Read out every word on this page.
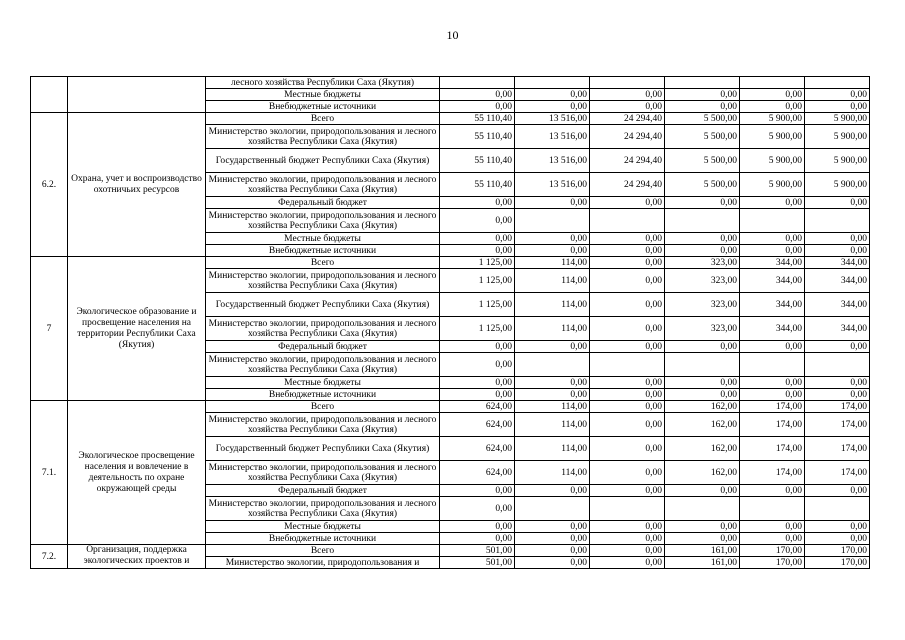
10
		лесного хозяйства Республики Саха (Якутия)						
		Местные бюджеты	0,00	0,00	0,00	0,00	0,00	0,00
		Внебюджетные источники	0,00	0,00	0,00	0,00	0,00	0,00
6.2.	Охрана, учет и воспроизводство охотничьих ресурсов	Всего	55 110,40	13 516,00	24 294,40	5 500,00	5 900,00	5 900,00
		Министерство экологии, природопользования и лесного хозяйства Республики Саха (Якутия)	55 110,40	13 516,00	24 294,40	5 500,00	5 900,00	5 900,00
		Государственный бюджет Республики Саха (Якутия)	55 110,40	13 516,00	24 294,40	5 500,00	5 900,00	5 900,00
		Министерство экологии, природопользования и лесного хозяйства Республики Саха (Якутия)	55 110,40	13 516,00	24 294,40	5 500,00	5 900,00	5 900,00
		Федеральный бюджет	0,00	0,00	0,00	0,00	0,00	0,00
		Министерство экологии, природопользования и лесного хозяйства Республики Саха (Якутия)	0,00					
		Местные бюджеты	0,00	0,00	0,00	0,00	0,00	0,00
		Внебюджетные источники	0,00	0,00	0,00	0,00	0,00	0,00
7	Экологическое образование и просвещение населения на территории Республики Саха (Якутия)	Всего	1 125,00	114,00	0,00	323,00	344,00	344,00
		Министерство экологии, природопользования и лесного хозяйства Республики Саха (Якутия)	1 125,00	114,00	0,00	323,00	344,00	344,00
		Государственный бюджет Республики Саха (Якутия)	1 125,00	114,00	0,00	323,00	344,00	344,00
		Министерство экологии, природопользования и лесного хозяйства Республики Саха (Якутия)	1 125,00	114,00	0,00	323,00	344,00	344,00
		Федеральный бюджет	0,00	0,00	0,00	0,00	0,00	0,00
		Министерство экологии, природопользования и лесного хозяйства Республики Саха (Якутия)	0,00					
		Местные бюджеты	0,00	0,00	0,00	0,00	0,00	0,00
		Внебюджетные источники	0,00	0,00	0,00	0,00	0,00	0,00
7.1.	Экологическое просвещение населения и вовлечение в деятельность по охране окружающей среды	Всего	624,00	114,00	0,00	162,00	174,00	174,00
		Министерство экологии, природопользования и лесного хозяйства Республики Саха (Якутия)	624,00	114,00	0,00	162,00	174,00	174,00
		Государственный бюджет Республики Саха (Якутия)	624,00	114,00	0,00	162,00	174,00	174,00
		Министерство экологии, природопользования и лесного хозяйства Республики Саха (Якутия)	624,00	114,00	0,00	162,00	174,00	174,00
		Федеральный бюджет	0,00	0,00	0,00	0,00	0,00	0,00
		Министерство экологии, природопользования и лесного хозяйства Республики Саха (Якутия)	0,00					
		Местные бюджеты	0,00	0,00	0,00	0,00	0,00	0,00
		Внебюджетные источники	0,00	0,00	0,00	0,00	0,00	0,00
7.2.	Организация, поддержка экологических проектов и	Всего	501,00	0,00	0,00	161,00	170,00	170,00
		Министерство экологии, природопользования и	501,00	0,00	0,00	161,00	170,00	170,00
